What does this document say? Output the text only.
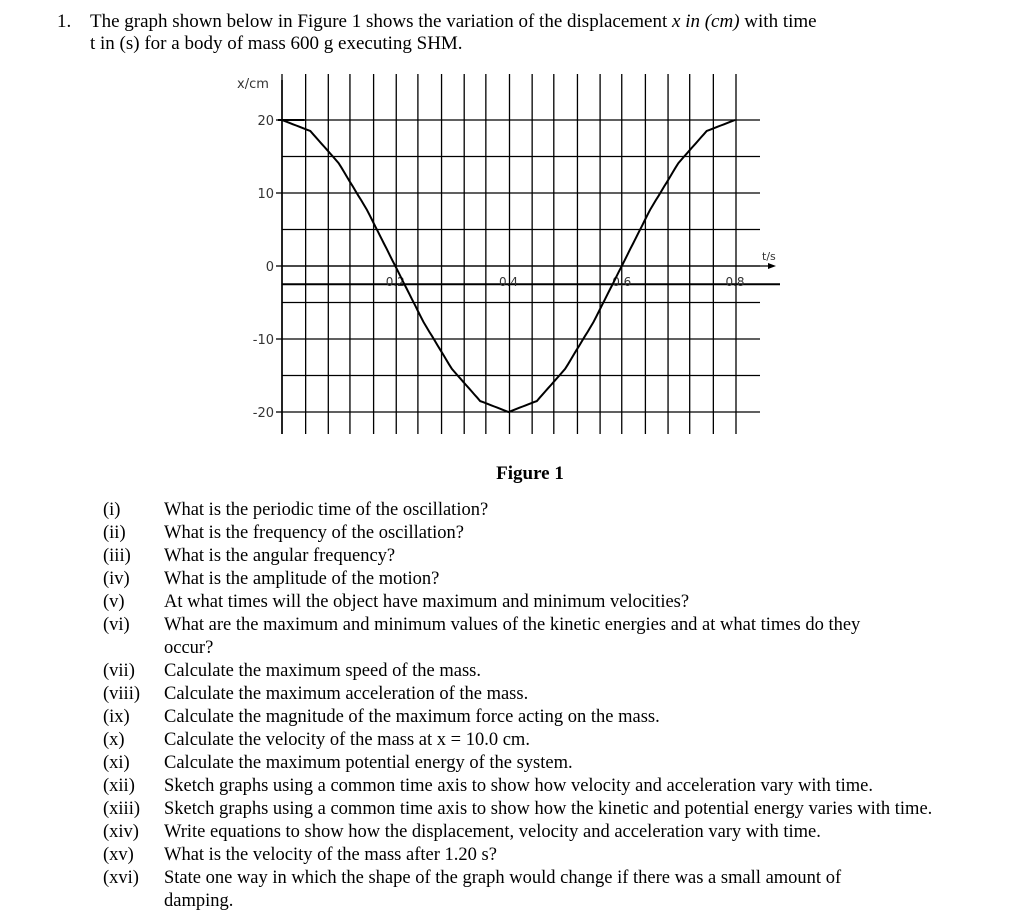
1. The graph shown below in Figure 1 shows the variation of the displacement x in (cm) with time
t in (s) for a body of mass 600 g executing SHM.
20
10
0
-10
-20
0.2	0.4	0.6	0.8
x/cm
t/s
Figure 1
(i) What is the periodic time of the oscillation?
(ii) What is the frequency of the oscillation?
(iii) What is the angular frequency?
(iv) What is the amplitude of the motion?
(v) At what times will the object have maximum and minimum velocities?
(vi) What are the maximum and minimum values of the kinetic energies and at what times do they occur?
(vii) Calculate the maximum speed of the mass.
(viii) Calculate the maximum acceleration of the mass.
(ix) Calculate the magnitude of the maximum force acting on the mass.
(x) Calculate the velocity of the mass at x = 10.0 cm.
(xi) Calculate the maximum potential energy of the system.
(xii) Sketch graphs using a common time axis to show how velocity and acceleration vary with time.
(xiii) Sketch graphs using a common time axis to show how the kinetic and potential energy varies with time.
(xiv) Write equations to show how the displacement, velocity and acceleration vary with time.
(xv) What is the velocity of the mass after 1.20 s?
(xvi) State one way in which the shape of the graph would change if there was a small amount of damping.
